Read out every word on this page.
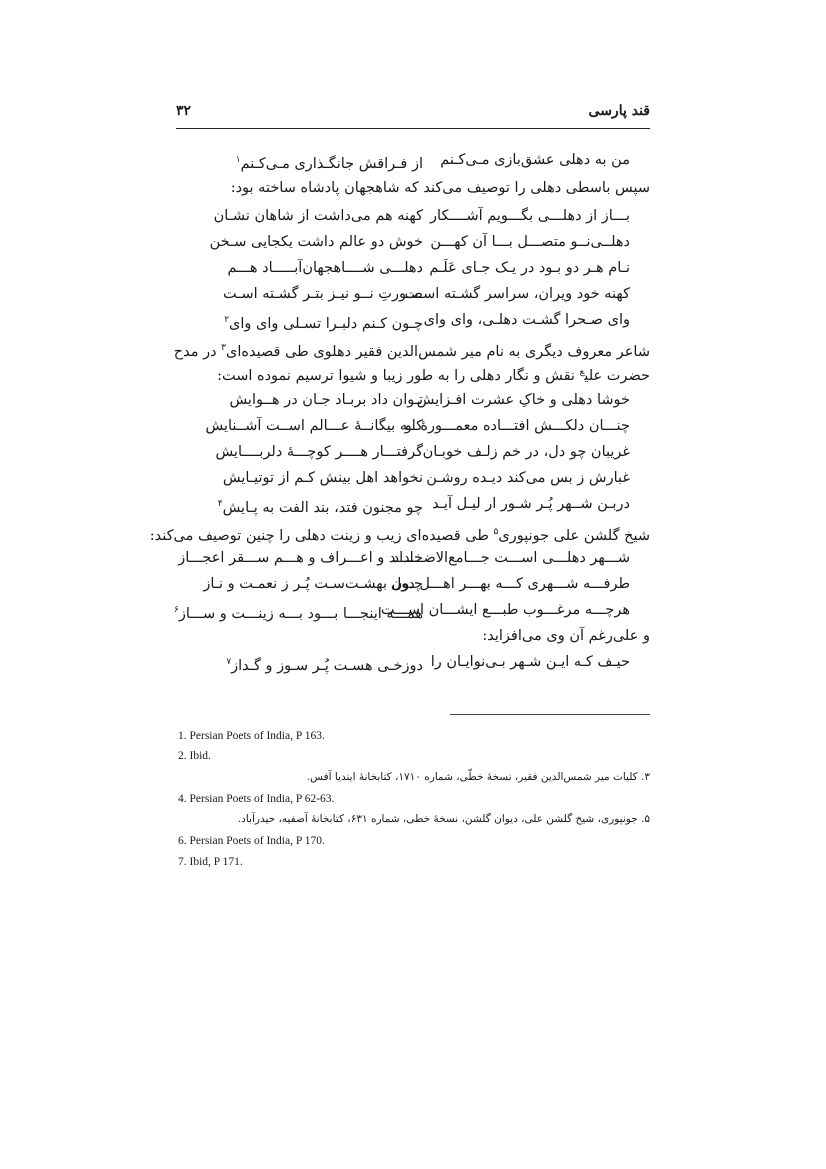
قند پارسی
۳۲
من به دهلی عشق‌بازی مـی‌کـنم
از فـراقش جانگـذاری مـی‌کـنم$^۱$
سپس باسطی دهلی را توصیف می‌کند که شاهجهان پادشاه ساخته بود:
بـــاز از دهلـــی بگـــویم آشــــکار
کهنه هم می‌داشت از شاهان نشـان
دهلــی‌نــو متصـــل بـــا آن کهـــن
خوش دو عالم داشت یکجایی سـخن
نـام هـر دو بـود در یـک جـای عَلَـم
دهلـــی شــــاهجهان‌آبـــــاد هـــم
کهنه خود ویران، سراسر گشـته اسـت
صـورتِ نــو نیـز بتـر گشـته اسـت
وای صـحرا گشـت دهلـی، وای وای
چـون کـنم دلبـرا تسـلی وای وای$^۲$
شاعر معروف دیگری به نام میر شمس‌الدین فقیر دهلوی طی قصیده‌ای$^۳$ در مدح
حضرت علی$^ع$ نقش و نگار دهلی را به طور زیبا و شیوا ترسیم نموده است:
خوشا دهلی و خاکِ عشرت افـزایش
تـوان داد بربـاد جـان در هــوایش
چنـــان دلکـــش افتـــاده معمـــورهٔ او
کــه بیگانــهٔ عـــالم اســت آشــنایش
غریبان چو دل، در خم زلـف خوبـان
گرفتـــار هــــر کوچـــهٔ دلربــــایش
غبارش ز بس می‌کند دیـده روشـن
نخواهد اهل بینش کـم از توتیـایش
دربـن شــهر پُـر شـور ار لیـل آیـد
چو مجنون فتد، بند الفت به پـایش$^۴$
شیخ گلشن علی جونپوری$^۵$ طی قصیده‌ای زیب و زینت دهلی را چنین توصیف می‌کند:
شـــهر دهلـــی اســـت جـــامع‌الاضـــداد
خلـــد و اعـــراف و هـــم ســـقر اعجـــاز
طرفـــه شـــهری کـــه بهـــر اهـــل دول
چـون بهشـت‌سـت پُـر ز نعمـت و نـاز
هرچـــه مرغـــوب طبـــع ایشـــان اســـت
همـــه اینجـــا بـــود بـــه زینـــت و ســـاز$^۶$
و علی‌رغم آن وی می‌افزاید:
حیـف کـه ایـن شـهر بـی‌نوایـان را
دوزخـی هسـت پُـر سـوز و گـداز$^۷$
1. Persian Poets of India, P 163.
2. Ibid.
۳. کلیات میر شمس‌الدین فقیر، نسخهٔ خطّی، شماره ۱۷۱۰، کتابخانهٔ ایندیا آفس.
4. Persian Poets of India, P 62-63.
۵. جونپوری، شیخ گلشن علی، دیوان گلشن، نسخهٔ خطی، شماره ۶۳۱، کتابخانهٔ آصفیه، حیدرآباد.
6. Persian Poets of India, P 170.
7. Ibid, P 171.
